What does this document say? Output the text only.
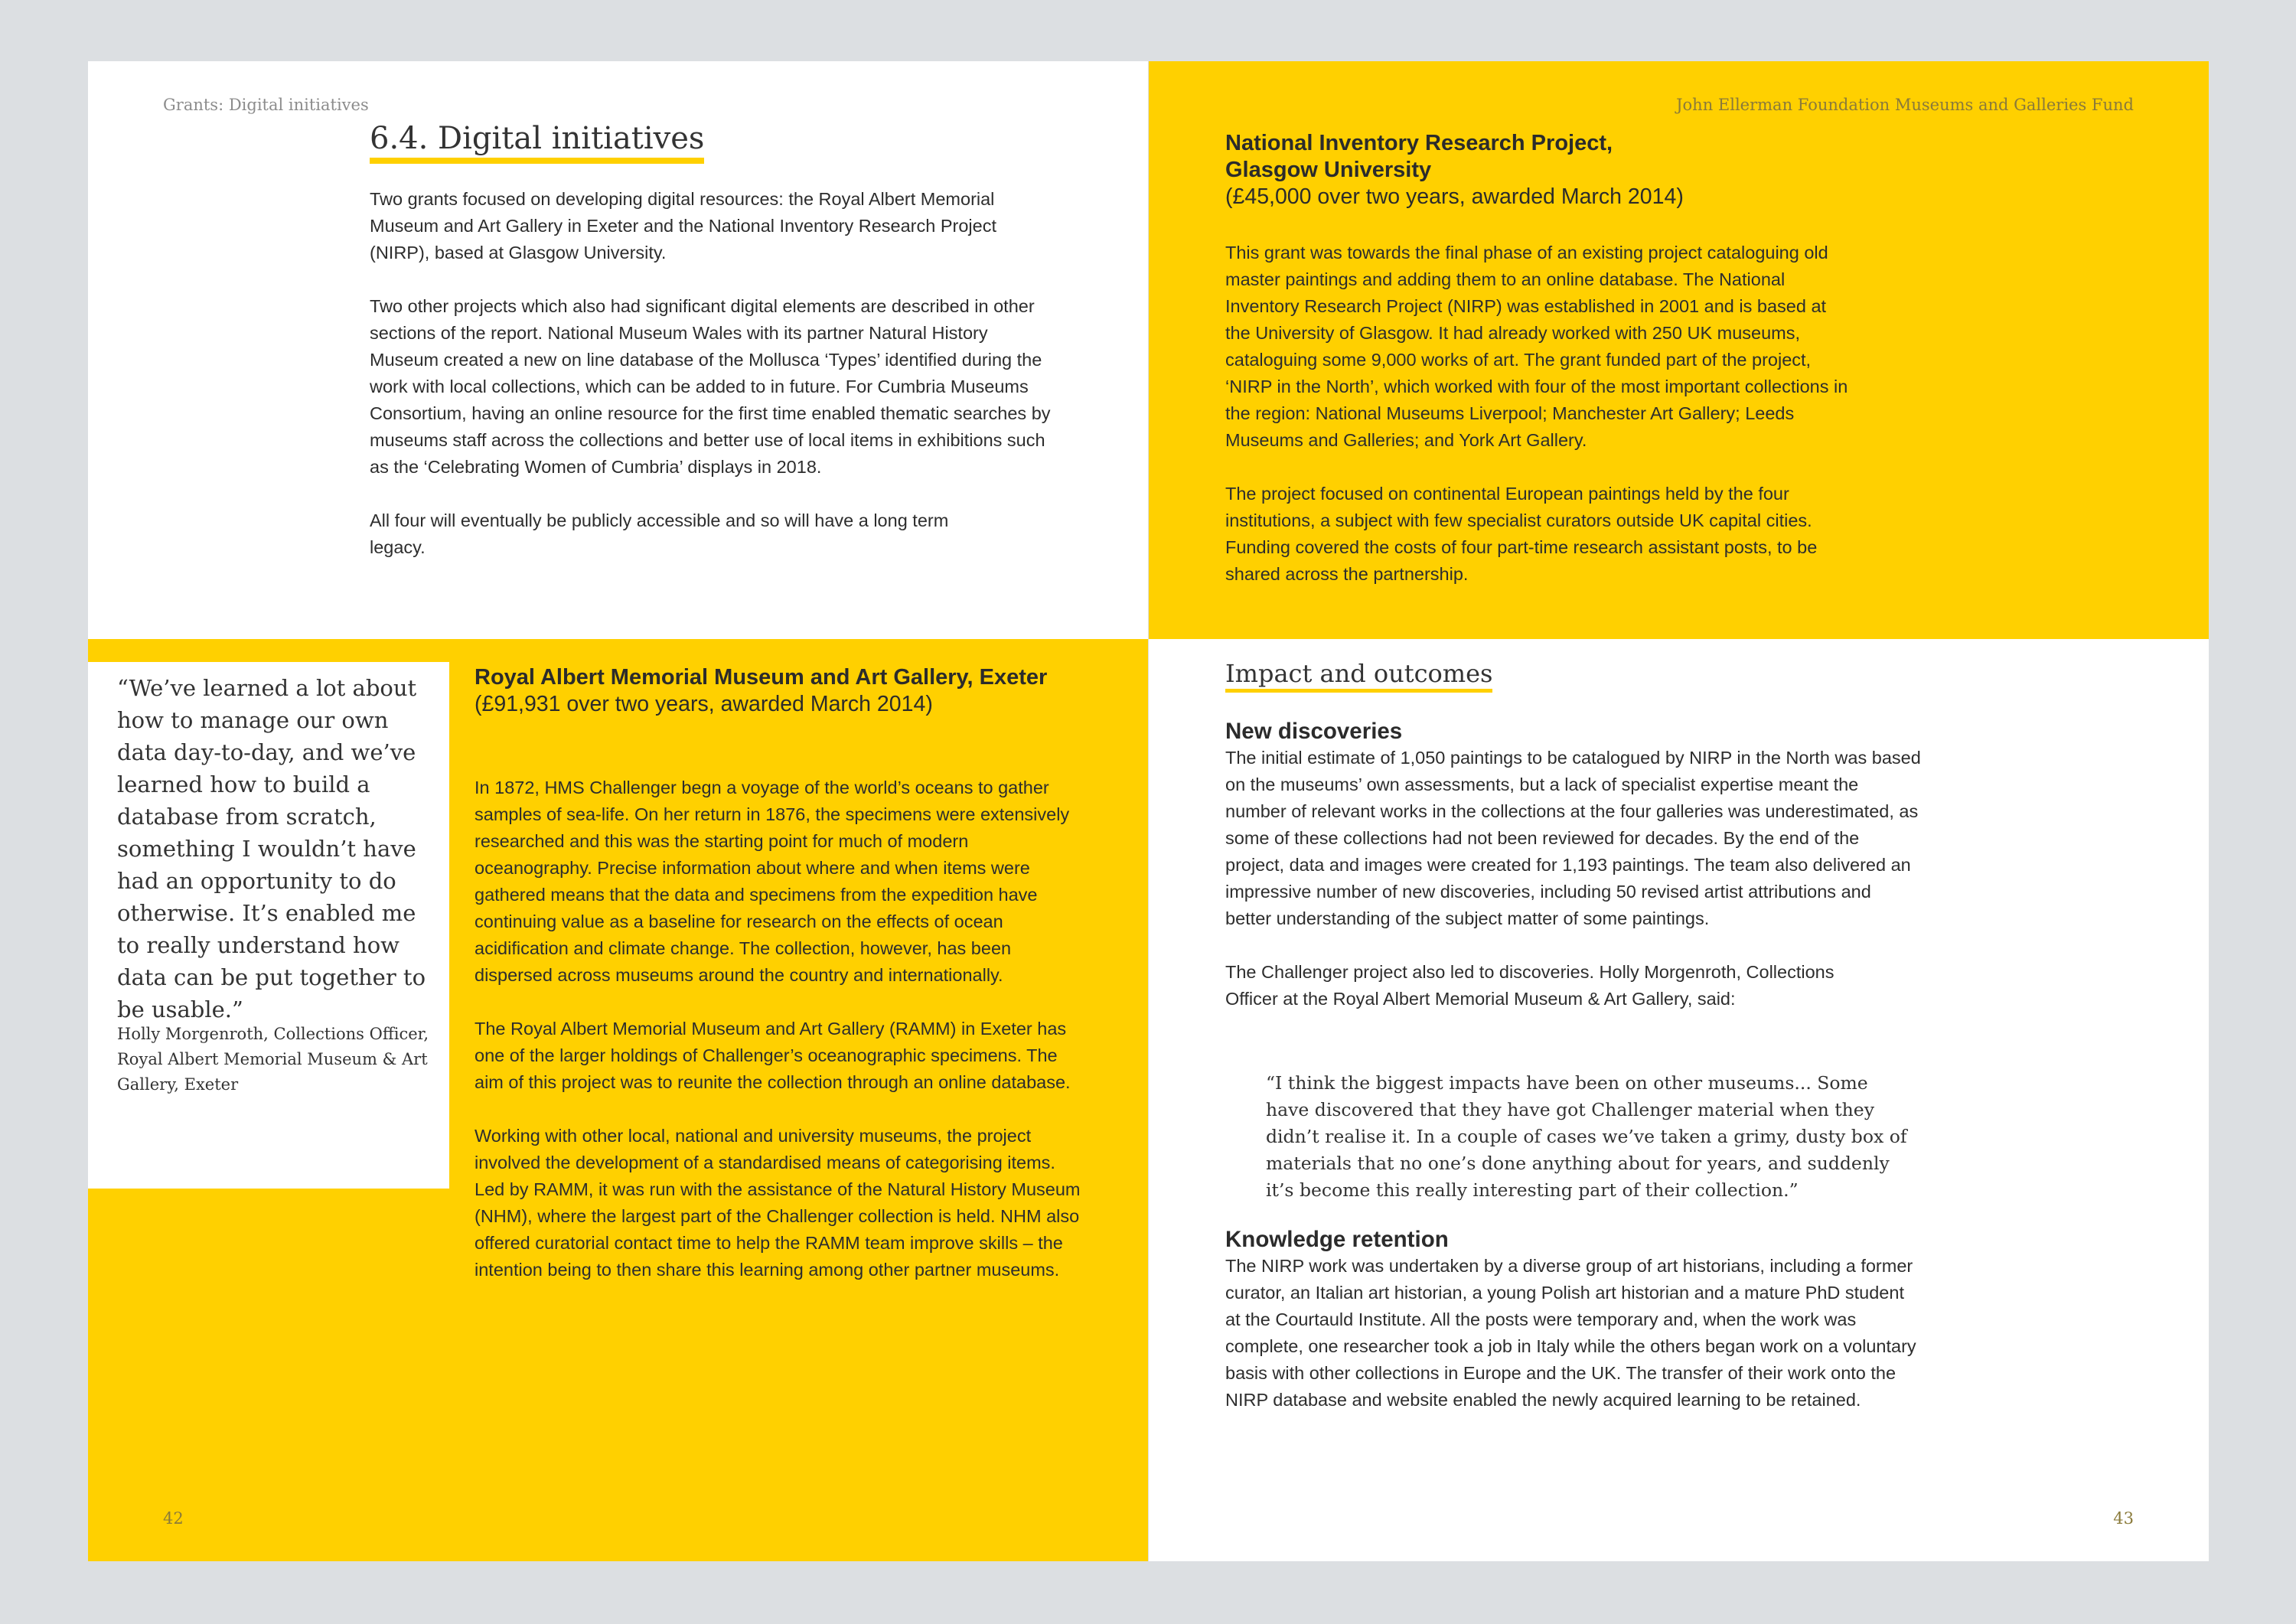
Grants: Digital initiatives
6.4. Digital initiatives

Two grants focused on developing digital resources: the Royal Albert Memorial Museum and Art Gallery in Exeter and the National Inventory Research Project (NIRP), based at Glasgow University.

Two other projects which also had significant digital elements are described in other sections of the report. National Museum Wales with its partner Natural History Museum created a new on line database of the Mollusca ‘Types’ identified during the work with local collections, which can be added to in future. For Cumbria Museums Consortium, having an online resource for the first time enabled thematic searches by museums staff across the collections and better use of local items in exhibitions such as the ‘Celebrating Women of Cumbria’ displays in 2018.

All four will eventually be publicly accessible and so will have a long term legacy.

“We’ve learned a lot about how to manage our own data day-to-day, and we’ve learned how to build a database from scratch, something I wouldn’t have had an opportunity to do otherwise. It’s enabled me to really understand how data can be put together to be usable.”
Holly Morgenroth, Collections Officer, Royal Albert Memorial Museum & Art Gallery, Exeter
Royal Albert Memorial Museum and Art Gallery, Exeter
(£91,931 over two years, awarded March 2014)

In 1872, HMS Challenger begn a voyage of the world’s oceans to gather samples of sea-life. On her return in 1876, the specimens were extensively researched and this was the starting point for much of modern oceanography. Precise information about where and when items were gathered means that the data and specimens from the expedition have continuing value as a baseline for research on the effects of ocean acidification and climate change. The collection, however, has been dispersed across museums around the country and internationally.

The Royal Albert Memorial Museum and Art Gallery (RAMM) in Exeter has one of the larger holdings of Challenger’s oceanographic specimens. The aim of this project was to reunite the collection through an online database.

Working with other local, national and university museums, the project involved the development of a standardised means of categorising items. Led by RAMM, it was run with the assistance of the Natural History Museum (NHM), where the largest part of the Challenger collection is held. NHM also offered curatorial contact time to help the RAMM team improve skills – the intention being to then share this learning among other partner museums.

42
John Ellerman Foundation Museums and Galleries Fund
National Inventory Research Project,
Glasgow University
(£45,000 over two years, awarded March 2014)

This grant was towards the final phase of an existing project cataloguing old master paintings and adding them to an online database. The National Inventory Research Project (NIRP) was established in 2001 and is based at the University of Glasgow. It had already worked with 250 UK museums, cataloguing some 9,000 works of art. The grant funded part of the project, ‘NIRP in the North’, which worked with four of the most important collections in the region: National Museums Liverpool; Manchester Art Gallery; Leeds Museums and Galleries; and York Art Gallery.

The project focused on continental European paintings held by the four institutions, a subject with few specialist curators outside UK capital cities. Funding covered the costs of four part-time research assistant posts, to be shared across the partnership.

Impact and outcomes
New discoveries

The initial estimate of 1,050 paintings to be catalogued by NIRP in the North was based on the museums’ own assessments, but a lack of specialist expertise meant the number of relevant works in the collections at the four galleries was underestimated, as some of these collections had not been reviewed for decades. By the end of the project, data and images were created for 1,193 paintings. The team also delivered an impressive number of new discoveries, including 50 revised artist attributions and better understanding of the subject matter of some paintings.

The Challenger project also led to discoveries. Holly Morgenroth, Collections Officer at the Royal Albert Memorial Museum & Art Gallery, said:

“I think the biggest impacts have been on other museums... Some have discovered that they have got Challenger material when they didn’t realise it. In a couple of cases we’ve taken a grimy, dusty box of materials that no one’s done anything about for years, and suddenly it’s become this really interesting part of their collection.”
Knowledge retention
The NIRP work was undertaken by a diverse group of art historians, including a former curator, an Italian art historian, a young Polish art historian and a mature PhD student at the Courtauld Institute. All the posts were temporary and, when the work was complete, one researcher took a job in Italy while the others began work on a voluntary basis with other collections in Europe and the UK. The transfer of their work onto the NIRP database and website enabled the newly acquired learning to be retained.
43
